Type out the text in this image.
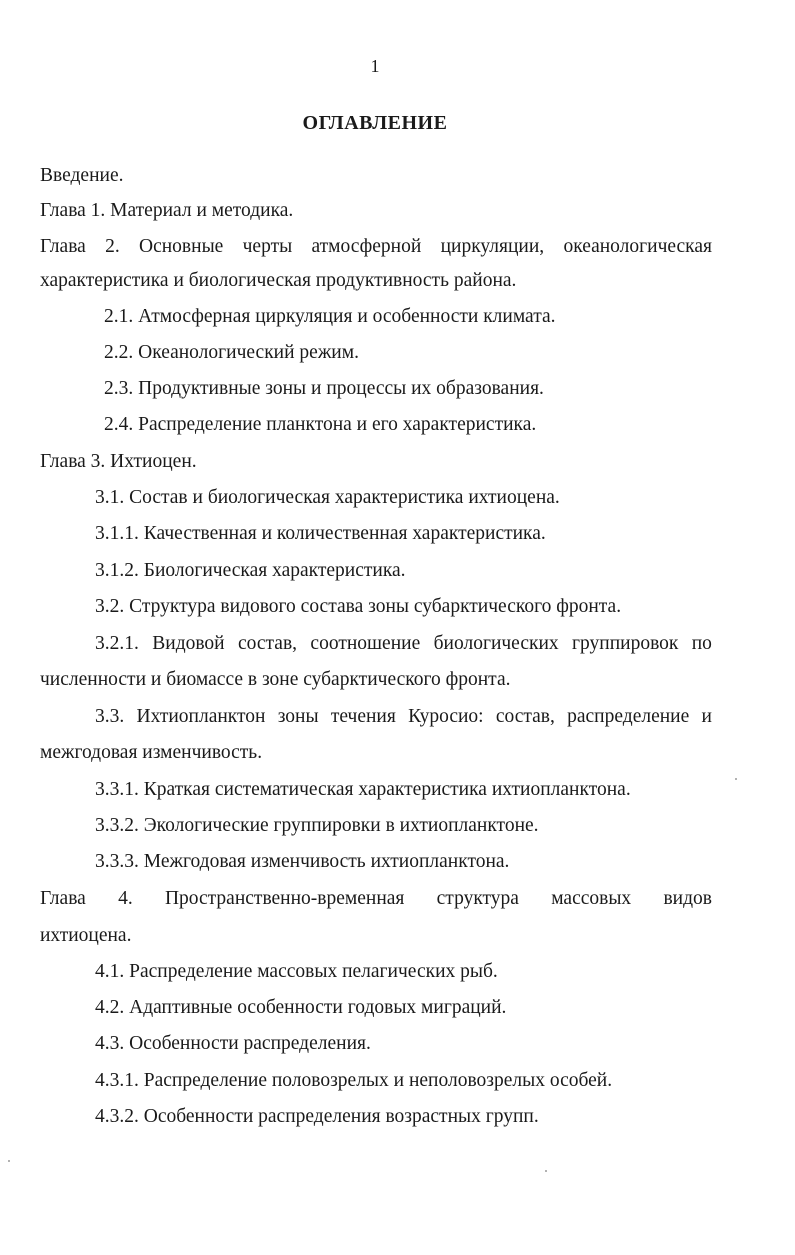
1
ОГЛАВЛЕНИЕ
Введение.
Глава 1. Материал и методика.
Глава 2. Основные черты атмосферной циркуляции, океанологическая
характеристика и биологическая продуктивность района.
2.1. Атмосферная циркуляция и особенности климата.
2.2. Океанологический режим.
2.3. Продуктивные зоны и процессы их образования.
2.4. Распределение планктона и его характеристика.
Глава 3. Ихтиоцен.
3.1. Состав и биологическая характеристика ихтиоцена.
3.1.1. Качественная и количественная характеристика.
3.1.2. Биологическая характеристика.
3.2. Структура видового состава зоны субарктического фронта.
3.2.1. Видовой состав, соотношение биологических группировок по
численности и биомассе в зоне субарктического фронта.
3.3. Ихтиопланктон зоны течения Куросио: состав, распределение и
межгодовая изменчивость.
3.3.1. Краткая систематическая характеристика ихтиопланктона.
3.3.2. Экологические группировки в ихтиопланктоне.
3.3.3. Межгодовая изменчивость ихтиопланктона.
Глава 4. Пространственно-временная структура массовых видов
ихтиоцена.
4.1. Распределение массовых пелагических рыб.
4.2. Адаптивные особенности годовых миграций.
4.3. Особенности распределения.
4.3.1. Распределение половозрелых и неполовозрелых особей.
4.3.2. Особенности распределения возрастных групп.
